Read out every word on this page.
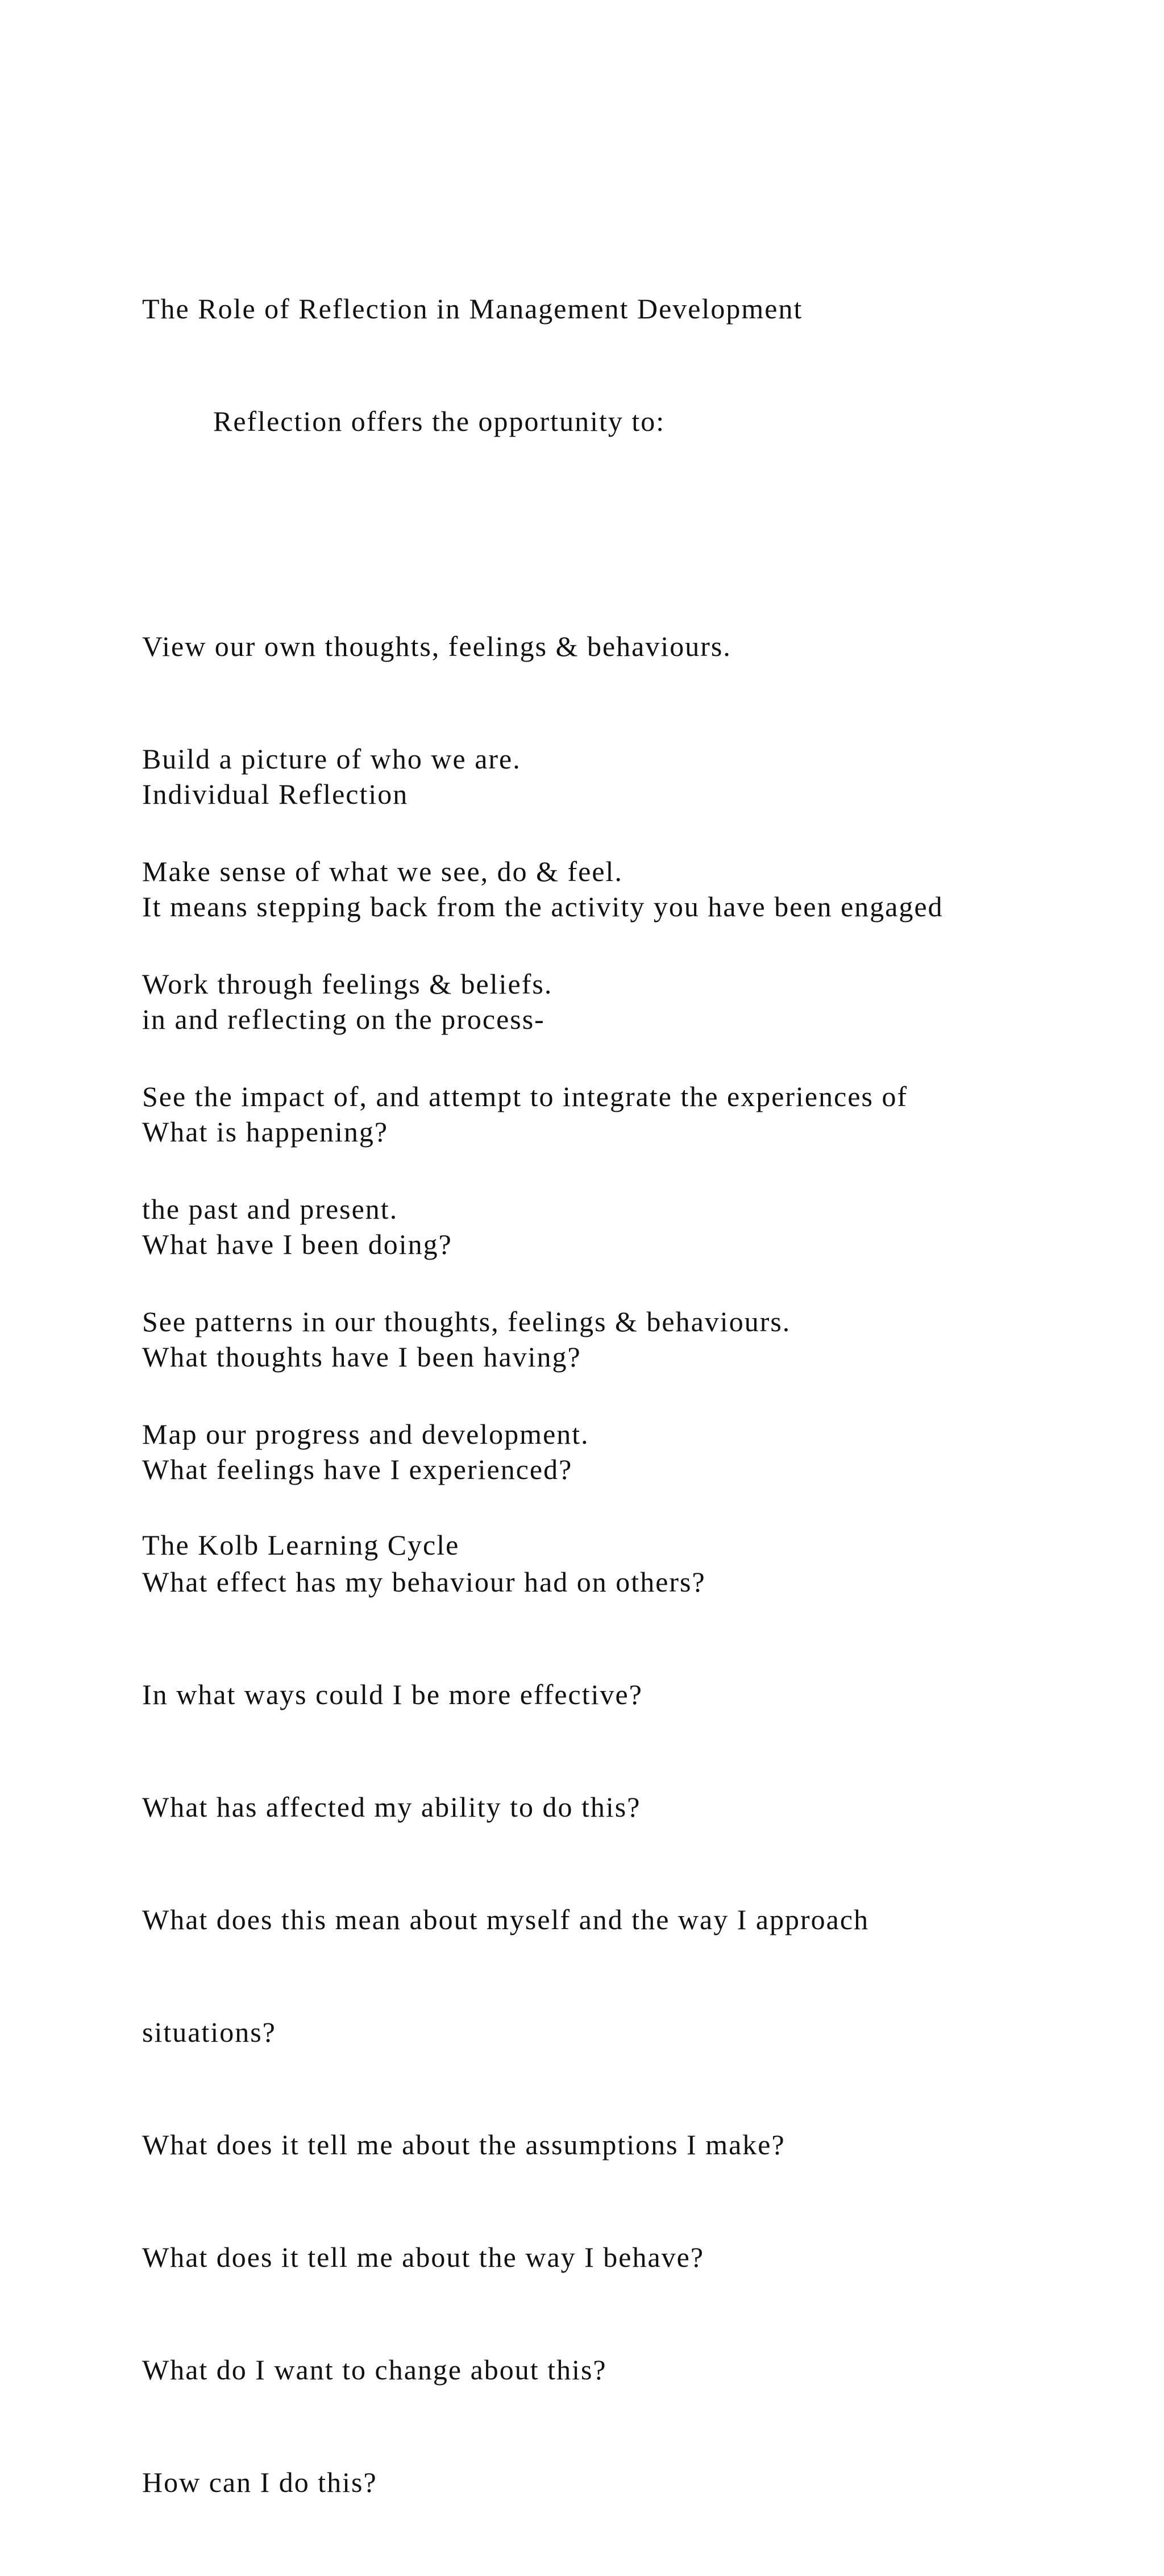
The Role of Reflection in Management Development

Reflection offers the opportunity to:

View our own thoughts, feelings & behaviours.

Build a picture of who we are.

Make sense of what we see, do & feel.

Work through feelings & beliefs.

See the impact of, and attempt to integrate the experiences of

the past and present.

See patterns in our thoughts, feelings & behaviours.

Map our progress and development.

Individual Reflection

It means stepping back from the activity you have been engaged

in and reflecting on the process-

What is happening?

What have I been doing?

What thoughts have I been having?

What feelings have I experienced?

What effect has my behaviour had on others?

In what ways could I be more effective?

What has affected my ability to do this?

What does this mean about myself and the way I approach

situations?

What does it tell me about the assumptions I make?

What does it tell me about the way I behave?

What do I want to change about this?

How can I do this?

The Kolb Learning Cycle
